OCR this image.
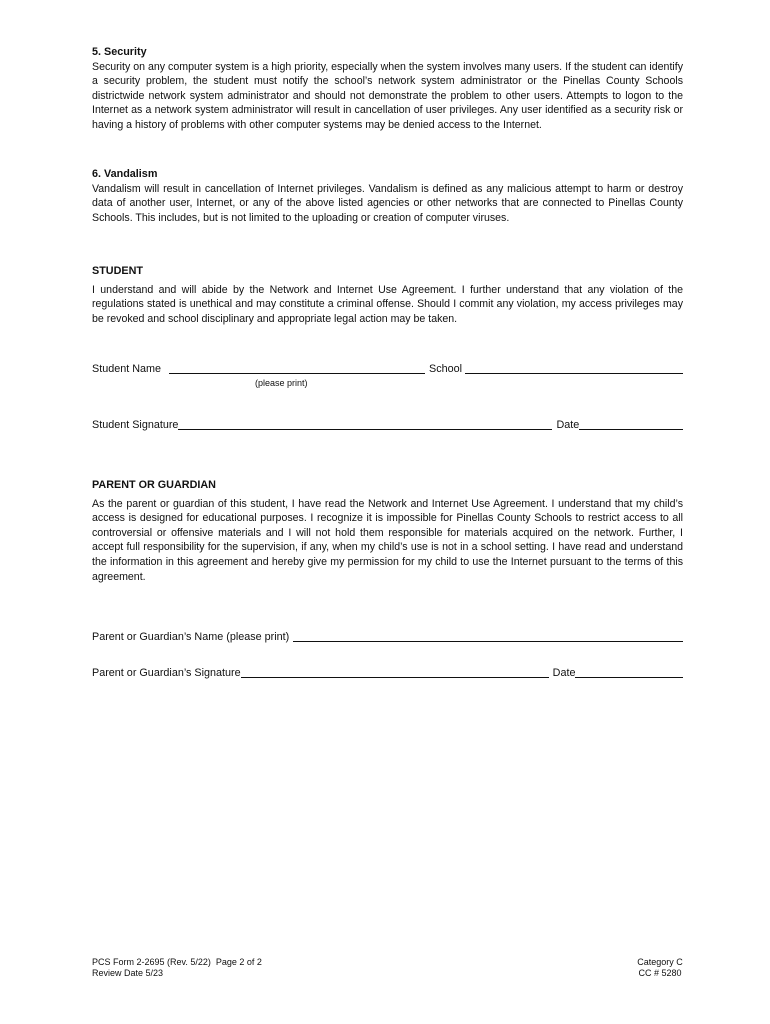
5. Security

Security on any computer system is a high priority, especially when the system involves many users. If the student can identify a security problem, the student must notify the school’s network system administrator or the Pinellas County Schools districtwide network system administrator and should not demonstrate the problem to other users. Attempts to logon to the Internet as a network system administrator will result in cancellation of user privileges. Any user identified as a security risk or having a history of problems with other computer systems may be denied access to the Internet.

6. Vandalism

Vandalism will result in cancellation of Internet privileges. Vandalism is defined as any malicious attempt to harm or destroy data of another user, Internet, or any of the above listed agencies or other networks that are connected to Pinellas County Schools. This includes, but is not limited to the uploading or creation of computer viruses.

STUDENT

I understand and will abide by the Network and Internet Use Agreement. I further understand that any violation of the regulations stated is unethical and may constitute a criminal offense. Should I commit any violation, my access privileges may be revoked and school disciplinary and appropriate legal action may be taken.

Student Name	School
(please print)
Student Signature	Date
PARENT OR GUARDIAN

As the parent or guardian of this student, I have read the Network and Internet Use Agreement. I understand that my child’s access is designed for educational purposes. I recognize it is impossible for Pinellas County Schools to restrict access to all controversial or offensive materials and I will not hold them responsible for materials acquired on the network. Further, I accept full responsibility for the supervision, if any, when my child’s use is not in a school setting. I have read and understand the information in this agreement and hereby give my permission for my child to use the Internet pursuant to the terms of this agreement.

Parent or Guardian’s Name (please print)
Parent or Guardian’s Signature	Date
PCS Form 2-2695 (Rev. 5/22)  Page 2 of 2
Review Date 5/23
Category C
CC # 5280
